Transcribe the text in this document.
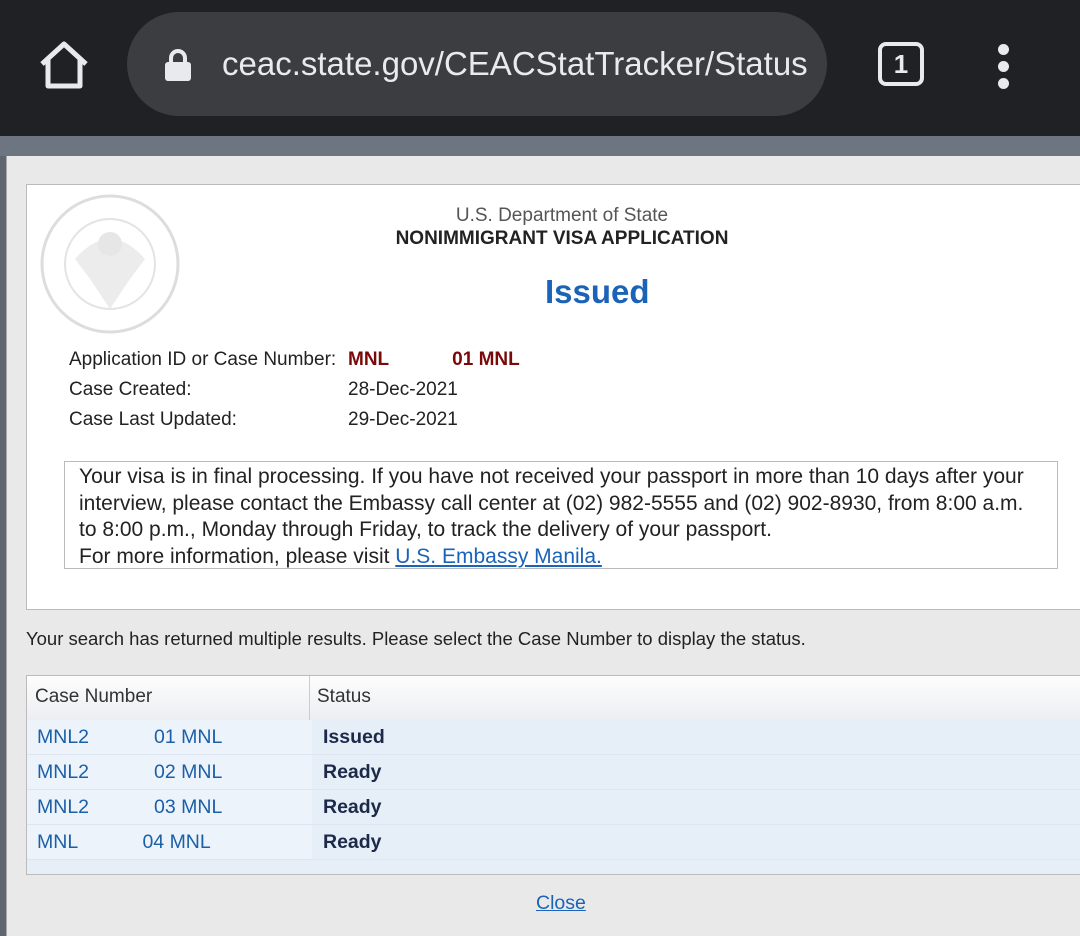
ceac.state.gov/CEACStatTracker/Status	1
U.S. Department of State
NONIMMIGRANT VISA APPLICATION
Issued
Application ID or Case Number: MNL            01 MNL
Case Created:	28-Dec-2021
Case Last Updated:	29-Dec-2021
Your visa is in final processing. If you have not received your passport in more than 10 days after your interview, please contact the Embassy call center at (02) 982-5555 and (02) 902-8930, from 8:00 a.m. to 8:00 p.m., Monday through Friday, to track the delivery of your passport.
For more information, please visit U.S. Embassy Manila.
Your search has returned multiple results. Please select the Case Number to display the status.
Case Number	Status
MNL2            01 MNL	Issued
MNL2            02 MNL	Ready
MNL2            03 MNL	Ready
MNL            04 MNL	Ready
Close
